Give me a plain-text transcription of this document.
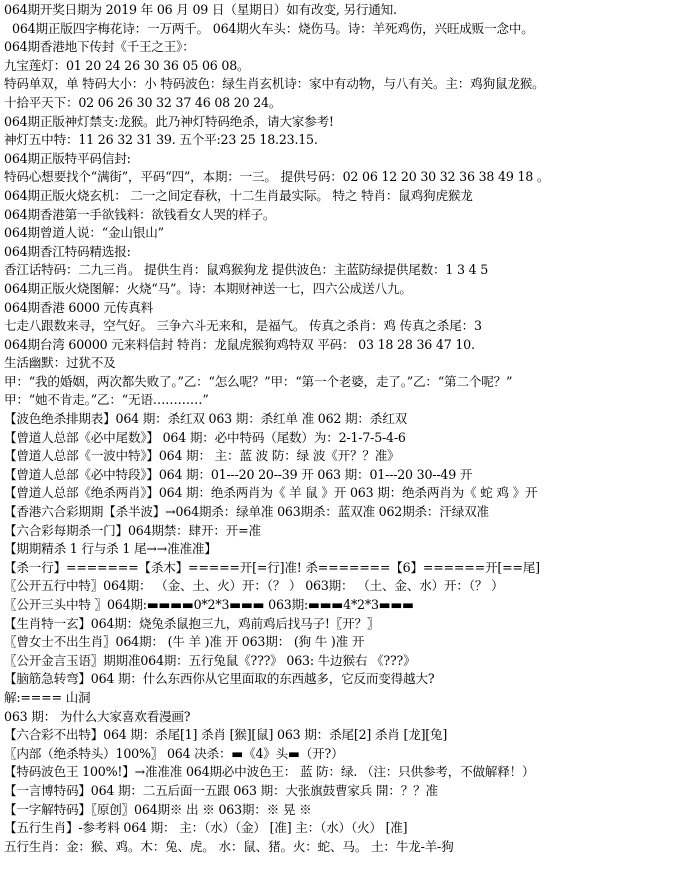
064期开奖日期为 2019 年 06 月 09 日（星期日）如有改变, 另行通知.
064期正版四字梅花诗：一万两千。 064期火车头：烧伤马。诗：羊死鸡伤，兴旺成贩一念中。
064期香港地下传封《千王之王》：
九宝莲灯：01 20 24 26 30 36 05 06 08。
特码单双，单 特码大小：小 特码波色：绿生肖玄机诗：家中有动物，与八有关。主：鸡狗鼠龙猴。
十拾平天下：02 06 26 30 32 37 46 08 20 24。
064期正版神灯禁支:龙猴。此乃神灯特码绝杀，请大家参考!
神灯五中特：11 26 32 31 39. 五个平:23 25 18.23.15.
064期正版特平码信封:
特码心想要找个“满街”，平码“四”，本期：一三。 提供号码：02 06 12 20 30 32 36 38 49 18 。
064期正版火烧玄机： 二一之间定春秋，十二生肖最实际。 特之 特肖：鼠鸡狗虎猴龙
064期香港第一手欲钱料：欲钱看女人哭的样子。
064期曾道人说：“金山银山”
064期香江特码精选报:
香江话特码：二九三肖。 提供生肖：鼠鸡猴狗龙 提供波色：主蓝防绿提供尾数：1 3 4 5
064期正版火烧图解：火烧“马”。诗：本期财神送一七，四六公成送八九。
064期香港 6000 元传真料
七走八跟数来寻，空气好。 三争六斗无来和，是福气。 传真之杀肖：鸡 传真之杀尾：3
064期台湾 60000 元来料信封 特肖：龙鼠虎猴狗鸡特双 平码： 03 18 28 36 47 10.
生活幽默：过犹不及
甲：“我的婚姻，两次都失败了。”乙：“怎么呢？”甲：“第一个老婆，走了。”乙：“第二个呢？”
甲：“她不肯走。”乙：“无语…………”
【波色绝杀排期表】064 期：杀红双 063 期：杀红单 准 062 期：杀红双
【曾道人总部《必中尾数》】 064 期：必中特码（尾数）为：2-1-7-5-4-6
【曾道人总部《一波中特》】064 期： 主：蓝 波 防：绿 波《开？？准》
【曾道人总部《必中特段》】064 期：01---20 20--39 开 063 期：01---20 30--49 开
【曾道人总部《绝杀两肖》】064 期：绝杀两肖为《 羊 鼠 》开 063 期：绝杀两肖为《 蛇 鸡 》开
【香港六合彩期期【杀半波】→064期杀：绿单准 063期杀：蓝双准 062期杀：汗绿双准
【六合彩每期杀一门】064期禁：肆开：开=准
【期期精杀 1 行与杀 1 尾→→准准准】
【杀一行】=======【杀木】=====开[=行]准! 杀=======【6】======开[==尾]
〖公开五行中特〗064期： （金、土、火）开：（？ ） 063期： （土、金、水）开：（？ ）
〖公开三头中特 〗064期:▬▬▬▬0*2*3▬▬▬ 063期:▬▬▬4*2*3▬▬▬
【生肖特一玄】064期：烧兔杀鼠抱三九，鸡前鸡后找马子!〖开？〗
〖曾女士不出生肖〗064期： (牛 羊 )准 开 063期： (狗 牛 )准 开
〖公开金言玉语〗期期准064期：五行兔鼠《???》 063: 牛边猴右 《???》
【脑筋急转弯】064 期：什么东西你从它里面取的东西越多，它反而变得越大?
解:==== 山洞
063 期： 为什么大家喜欢看漫画?
【六合彩不出特】064 期：杀尾[1] 杀肖 [猴][鼠] 063 期：杀尾[2] 杀肖 [龙][兔]
〖内部（绝杀特头）100%〗 064 决杀：▬《4》头▬（开?）
【特码波色王 100%!】→准准准 064期必中波色王： 蓝 防：绿. （注：只供参考，不做解释！）
【一言博特码】064 期：二五后面一五跟 063 期：大张旗鼓曹家兵 開：？？准
【一字解特码】〖原创〗064期※ 出 ※ 063期：※ 晃 ※
【五行生肖】-参考料 064 期： 主：（水）（金） [准] 主：（水）（火） [准]
五行生肖：金：猴、鸡。木：兔、虎。 水：鼠、猪。火：蛇、马。 土：牛龙-羊-狗
